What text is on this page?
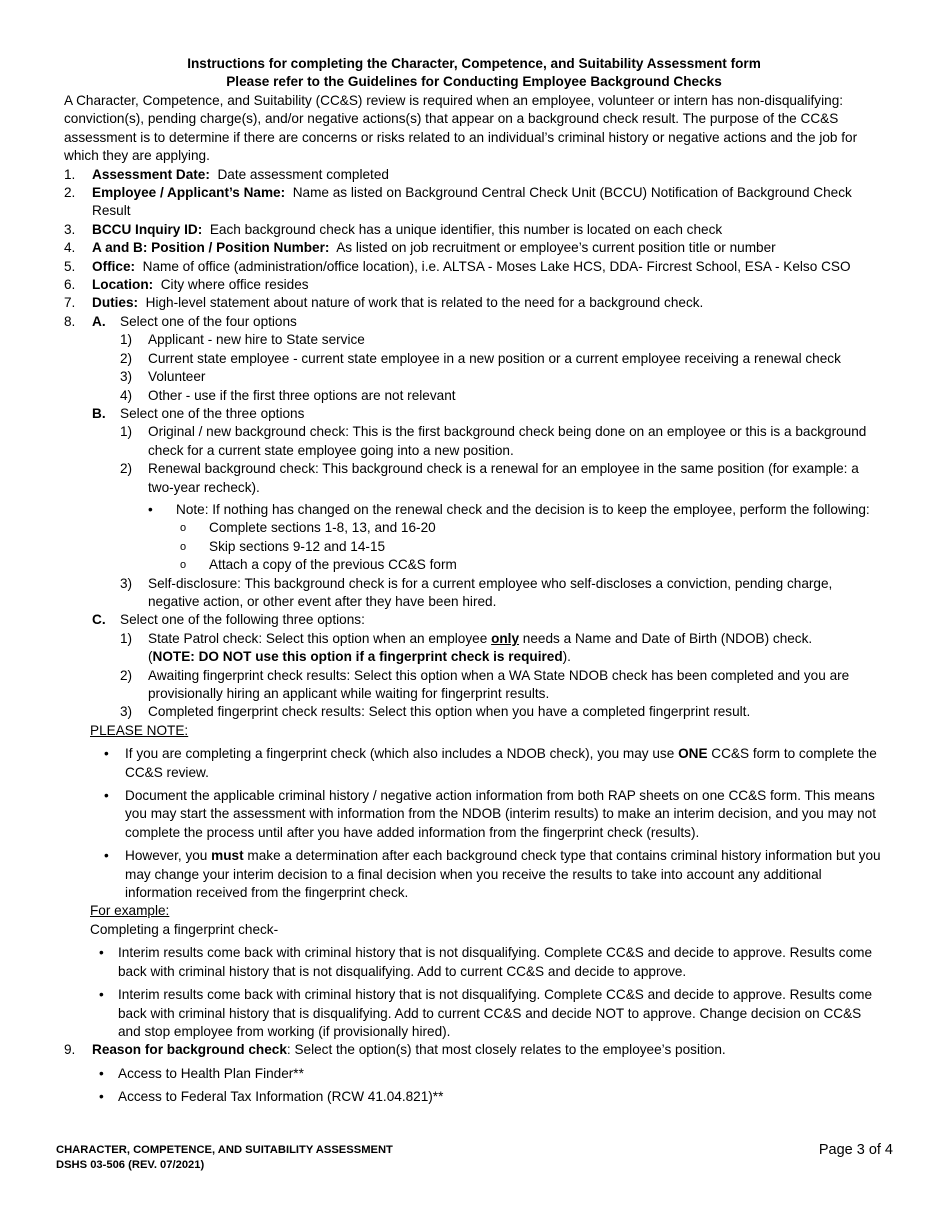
Instructions for completing the Character, Competence, and Suitability Assessment form
Please refer to the Guidelines for Conducting Employee Background Checks
A Character, Competence, and Suitability (CC&S) review is required when an employee, volunteer or intern has non-disqualifying: conviction(s), pending charge(s), and/or negative actions(s) that appear on a background check result. The purpose of the CC&S assessment is to determine if there are concerns or risks related to an individual’s criminal history or negative actions and the job for which they are applying.
1. Assessment Date: Date assessment completed
2. Employee / Applicant’s Name: Name as listed on Background Central Check Unit (BCCU) Notification of Background Check Result
3. BCCU Inquiry ID: Each background check has a unique identifier, this number is located on each check
4. A and B: Position / Position Number: As listed on job recruitment or employee’s current position title or number
5. Office: Name of office (administration/office location), i.e. ALTSA - Moses Lake HCS, DDA- Fircrest School, ESA - Kelso CSO
6. Location: City where office resides
7. Duties: High-level statement about nature of work that is related to the need for a background check.
8. A. Select one of the four options
1) Applicant - new hire to State service
2) Current state employee - current state employee in a new position or a current employee receiving a renewal check
3) Volunteer
4) Other - use if the first three options are not relevant
B. Select one of the three options
1) Original / new background check: This is the first background check being done on an employee or this is a background check for a current state employee going into a new position.
2) Renewal background check: This background check is a renewal for an employee in the same position (for example: a two-year recheck).
• Note: If nothing has changed on the renewal check and the decision is to keep the employee, perform the following:
o Complete sections 1-8, 13, and 16-20
o Skip sections 9-12 and 14-15
o Attach a copy of the previous CC&S form
3) Self-disclosure: This background check is for a current employee who self-discloses a conviction, pending charge, negative action, or other event after they have been hired.
C. Select one of the following three options:
1) State Patrol check: Select this option when an employee only needs a Name and Date of Birth (NDOB) check.
(NOTE: DO NOT use this option if a fingerprint check is required).
2) Awaiting fingerprint check results: Select this option when a WA State NDOB check has been completed and you are provisionally hiring an applicant while waiting for fingerprint results.
3) Completed fingerprint check results: Select this option when you have a completed fingerprint result.
PLEASE NOTE:
• If you are completing a fingerprint check (which also includes a NDOB check), you may use ONE CC&S form to complete the CC&S review.
• Document the applicable criminal history / negative action information from both RAP sheets on one CC&S form. This means you may start the assessment with information from the NDOB (interim results) to make an interim decision, and you may not complete the process until after you have added information from the fingerprint check (results).
• However, you must make a determination after each background check type that contains criminal history information but you may change your interim decision to a final decision when you receive the results to take into account any additional information received from the fingerprint check.
For example:
Completing a fingerprint check-
• Interim results come back with criminal history that is not disqualifying. Complete CC&S and decide to approve. Results come back with criminal history that is not disqualifying. Add to current CC&S and decide to approve.
• Interim results come back with criminal history that is not disqualifying. Complete CC&S and decide to approve. Results come back with criminal history that is disqualifying. Add to current CC&S and decide NOT to approve. Change decision on CC&S and stop employee from working (if provisionally hired).
9. Reason for background check: Select the option(s) that most closely relates to the employee’s position.
• Access to Health Plan Finder**
• Access to Federal Tax Information (RCW 41.04.821)**
CHARACTER, COMPETENCE, AND SUITABILITY ASSESSMENT
DSHS 03-506 (REV. 07/2021)
Page 3 of 4
